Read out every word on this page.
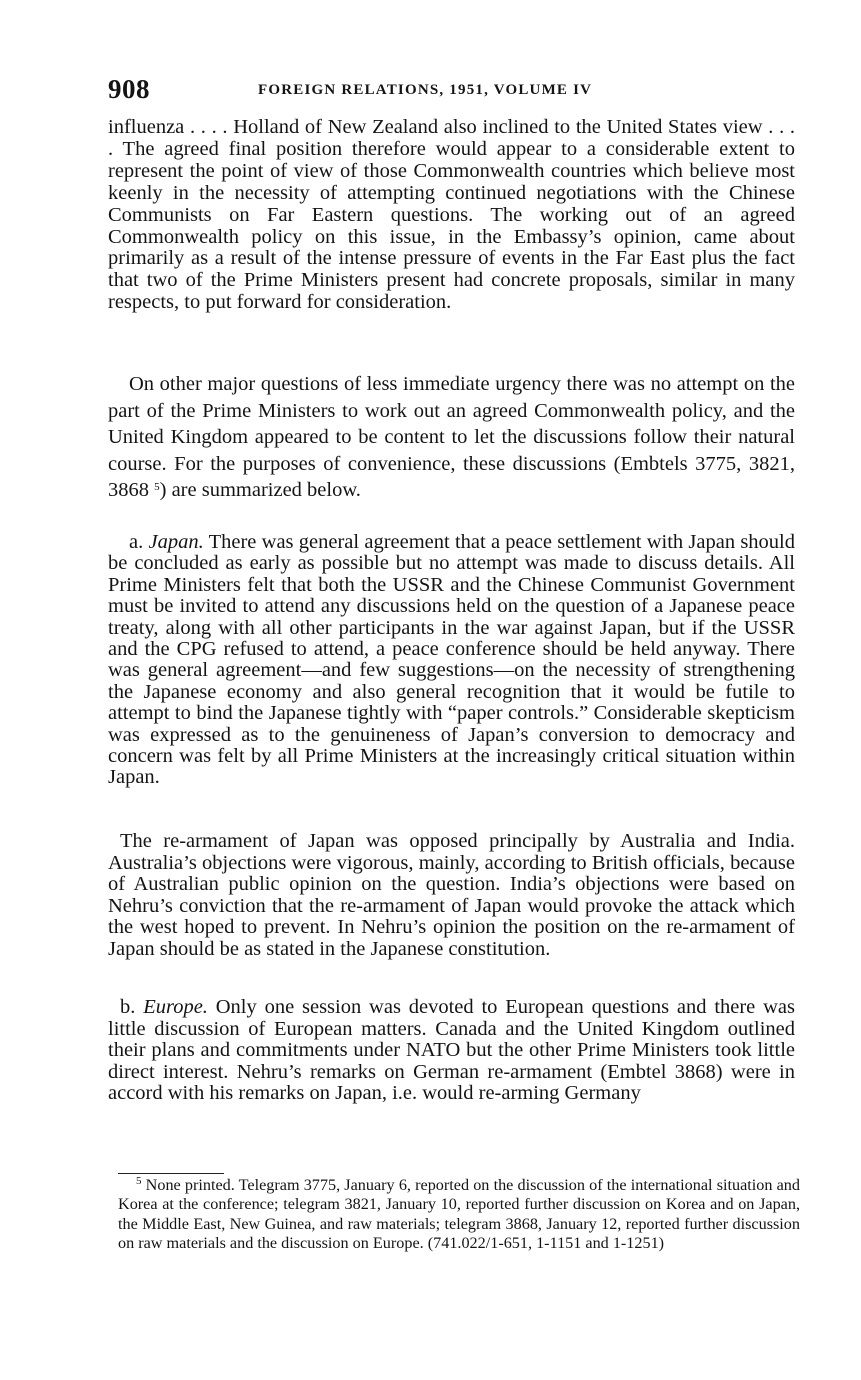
908	FOREIGN RELATIONS, 1951, VOLUME IV

influenza . . . . Holland of New Zealand also inclined to the United States view . . . . The agreed final position therefore would appear to a considerable extent to represent the point of view of those Commonwealth countries which believe most keenly in the necessity of attempting continued negotiations with the Chinese Communists on Far Eastern questions. The working out of an agreed Commonwealth policy on this issue, in the Embassy’s opinion, came about primarily as a result of the intense pressure of events in the Far East plus the fact that two of the Prime Ministers present had concrete proposals, similar in many respects, to put forward for consideration.

On other major questions of less immediate urgency there was no attempt on the part of the Prime Ministers to work out an agreed Commonwealth policy, and the United Kingdom appeared to be content to let the discussions follow their natural course. For the purposes of convenience, these discussions (Embtels 3775, 3821, 3868 $^5$) are summarized below.

a. Japan. There was general agreement that a peace settlement with Japan should be concluded as early as possible but no attempt was made to discuss details. All Prime Ministers felt that both the USSR and the Chinese Communist Government must be invited to attend any discussions held on the question of a Japanese peace treaty, along with all other participants in the war against Japan, but if the USSR and the CPG refused to attend, a peace conference should be held anyway. There was general agreement—and few suggestions—on the necessity of strengthening the Japanese economy and also general recognition that it would be futile to attempt to bind the Japanese tightly with “paper controls.” Considerable skepticism was expressed as to the genuineness of Japan’s conversion to democracy and concern was felt by all Prime Ministers at the increasingly critical situation within Japan.

The re-armament of Japan was opposed principally by Australia and India. Australia’s objections were vigorous, mainly, according to British officials, because of Australian public opinion on the question. India’s objections were based on Nehru’s conviction that the re-armament of Japan would provoke the attack which the west hoped to prevent. In Nehru’s opinion the position on the re-armament of Japan should be as stated in the Japanese constitution.

b. Europe. Only one session was devoted to European questions and there was little discussion of European matters. Canada and the United Kingdom outlined their plans and commitments under NATO but the other Prime Ministers took little direct interest. Nehru’s remarks on German re-armament (Embtel 3868) were in accord with his remarks on Japan, i.e. would re-arming Germany

$^5$ None printed. Telegram 3775, January 6, reported on the discussion of the international situation and Korea at the conference; telegram 3821, January 10, reported further discussion on Korea and on Japan, the Middle East, New Guinea, and raw materials; telegram 3868, January 12, reported further discussion on raw materials and the discussion on Europe. (741.022/1-651, 1-1151 and 1-1251)
